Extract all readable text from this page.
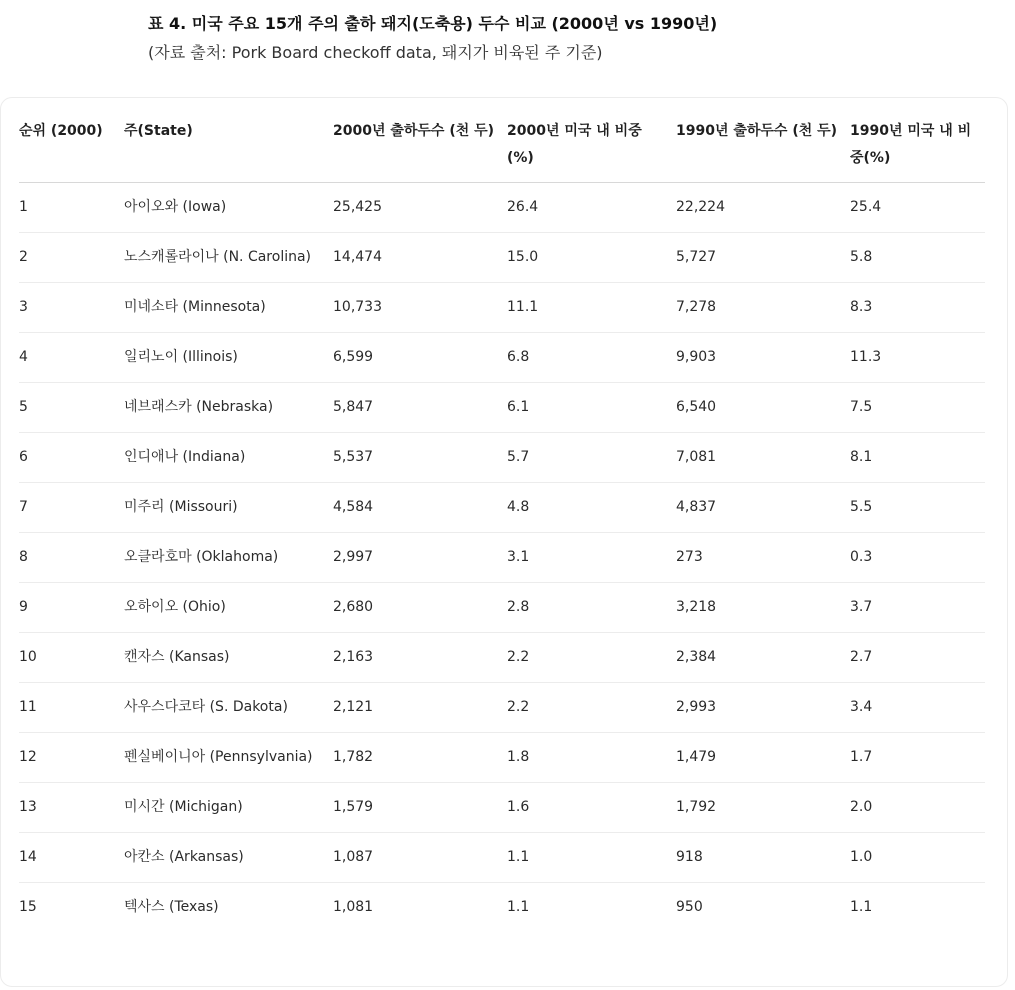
표 4. 미국 주요 15개 주의 출하 돼지(도축용) 두수 비교 (2000년 vs 1990년)
(자료 출처: Pork Board checkoff data, 돼지가 비육된 주 기준)
순위 (2000)	주(State)	2000년 출하두수 (천 두)	2000년 미국 내 비중(%)	1990년 출하두수 (천 두)	1990년 미국 내 비중(%)
1	아이오와 (Iowa)	25,425	26.4	22,224	25.4
2	노스캐롤라이나 (N. Carolina)	14,474	15.0	5,727	5.8
3	미네소타 (Minnesota)	10,733	11.1	7,278	8.3
4	일리노이 (Illinois)	6,599	6.8	9,903	11.3
5	네브래스카 (Nebraska)	5,847	6.1	6,540	7.5
6	인디애나 (Indiana)	5,537	5.7	7,081	8.1
7	미주리 (Missouri)	4,584	4.8	4,837	5.5
8	오클라호마 (Oklahoma)	2,997	3.1	273	0.3
9	오하이오 (Ohio)	2,680	2.8	3,218	3.7
10	캔자스 (Kansas)	2,163	2.2	2,384	2.7
11	사우스다코타 (S. Dakota)	2,121	2.2	2,993	3.4
12	펜실베이니아 (Pennsylvania)	1,782	1.8	1,479	1.7
13	미시간 (Michigan)	1,579	1.6	1,792	2.0
14	아칸소 (Arkansas)	1,087	1.1	918	1.0
15	텍사스 (Texas)	1,081	1.1	950	1.1
